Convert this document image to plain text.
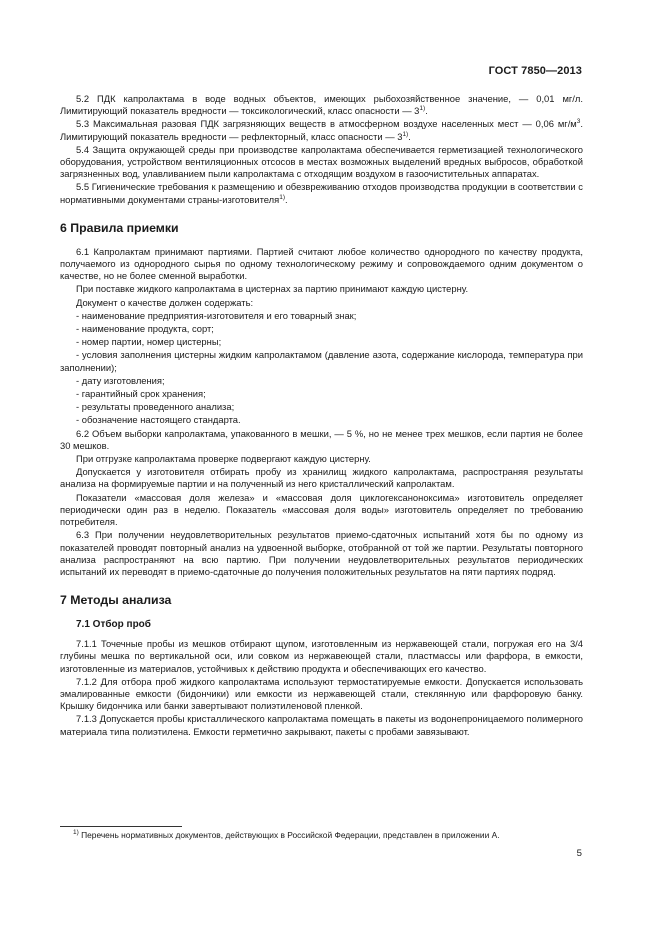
ГОСТ 7850—2013

5.2 ПДК капролактама в воде водных объектов, имеющих рыбохозяйственное значение, — 0,01 мг/л. Лимитирующий показатель вредности — токсикологический, класс опасности — 3$^{1)}$.

5.3 Максимальная разовая ПДК загрязняющих веществ в атмосферном воздухе населенных мест — 0,06 $мг/м^3$. Лимитирующий показатель вредности — рефлекторный, класс опасности — 3$^{1)}$.

5.4 Защита окружающей среды при производстве капролактама обеспечивается герметизацией технологического оборудования, устройством вентиляционных отсосов в местах возможных выделений вредных выбросов, обработкой загрязненных вод, улавливанием пыли капролактама с отходящим воздухом в газоочистительных аппаратах.

5.5 Гигиенические требования к размещению и обезвреживанию отходов производства продукции в соответствии с нормативными документами страны-изготовителя$^{1)}$.

6 Правила приемки

6.1 Капролактам принимают партиями. Партией считают любое количество однородного по качеству продукта, получаемого из однородного сырья по одному технологическому режиму и сопровождаемого одним документом о качестве, но не более сменной выработки.

При поставке жидкого капролактама в цистернах за партию принимают каждую цистерну.

Документ о качестве должен содержать:

- наименование предприятия-изготовителя и его товарный знак;

- наименование продукта, сорт;

- номер партии, номер цистерны;

- условия заполнения цистерны жидким капролактамом (давление азота, содержание кислорода, температура при заполнении);

- дату изготовления;

- гарантийный срок хранения;

- результаты проведенного анализа;

- обозначение настоящего стандарта.

6.2 Объем выборки капролактама, упакованного в мешки, — 5 %, но не менее трех мешков, если партия не более 30 мешков.

При отгрузке капролактама проверке подвергают каждую цистерну.

Допускается у изготовителя отбирать пробу из хранилищ жидкого капролактама, распространяя результаты анализа на формируемые партии и на полученный из него кристаллический капролактам.

Показатели «массовая доля железа» и «массовая доля циклогексаноноксима» изготовитель определяет периодически один раз в неделю. Показатель «массовая доля воды» изготовитель определяет по требованию потребителя.

6.3 При получении неудовлетворительных результатов приемо-сдаточных испытаний хотя бы по одному из показателей проводят повторный анализ на удвоенной выборке, отобранной от той же партии. Результаты повторного анализа распространяют на всю партию. При получении неудовлетворительных результатов периодических испытаний их переводят в приемо-сдаточные до получения положительных результатов на пяти партиях подряд.

7 Методы анализа
7.1 Отбор проб

7.1.1 Точечные пробы из мешков отбирают щупом, изготовленным из нержавеющей стали, погружая его на 3/4 глубины мешка по вертикальной оси, или совком из нержавеющей стали, пластмассы или фарфора, в емкости, изготовленные из материалов, устойчивых к действию продукта и обеспечивающих его качество.

7.1.2 Для отбора проб жидкого капролактама используют термостатируемые емкости. Допускается использовать эмалированные емкости (бидончики) или емкости из нержавеющей стали, стеклянную или фарфоровую банку. Крышку бидончика или банки завертывают полиэтиленовой пленкой.

7.1.3 Допускается пробы кристаллического капролактама помещать в пакеты из водонепроницаемого полимерного материала типа полиэтилена. Емкости герметично закрывают, пакеты с пробами завязывают.

$^{1)}$ Перечень нормативных документов, действующих в Российской Федерации, представлен в приложении А.
5
